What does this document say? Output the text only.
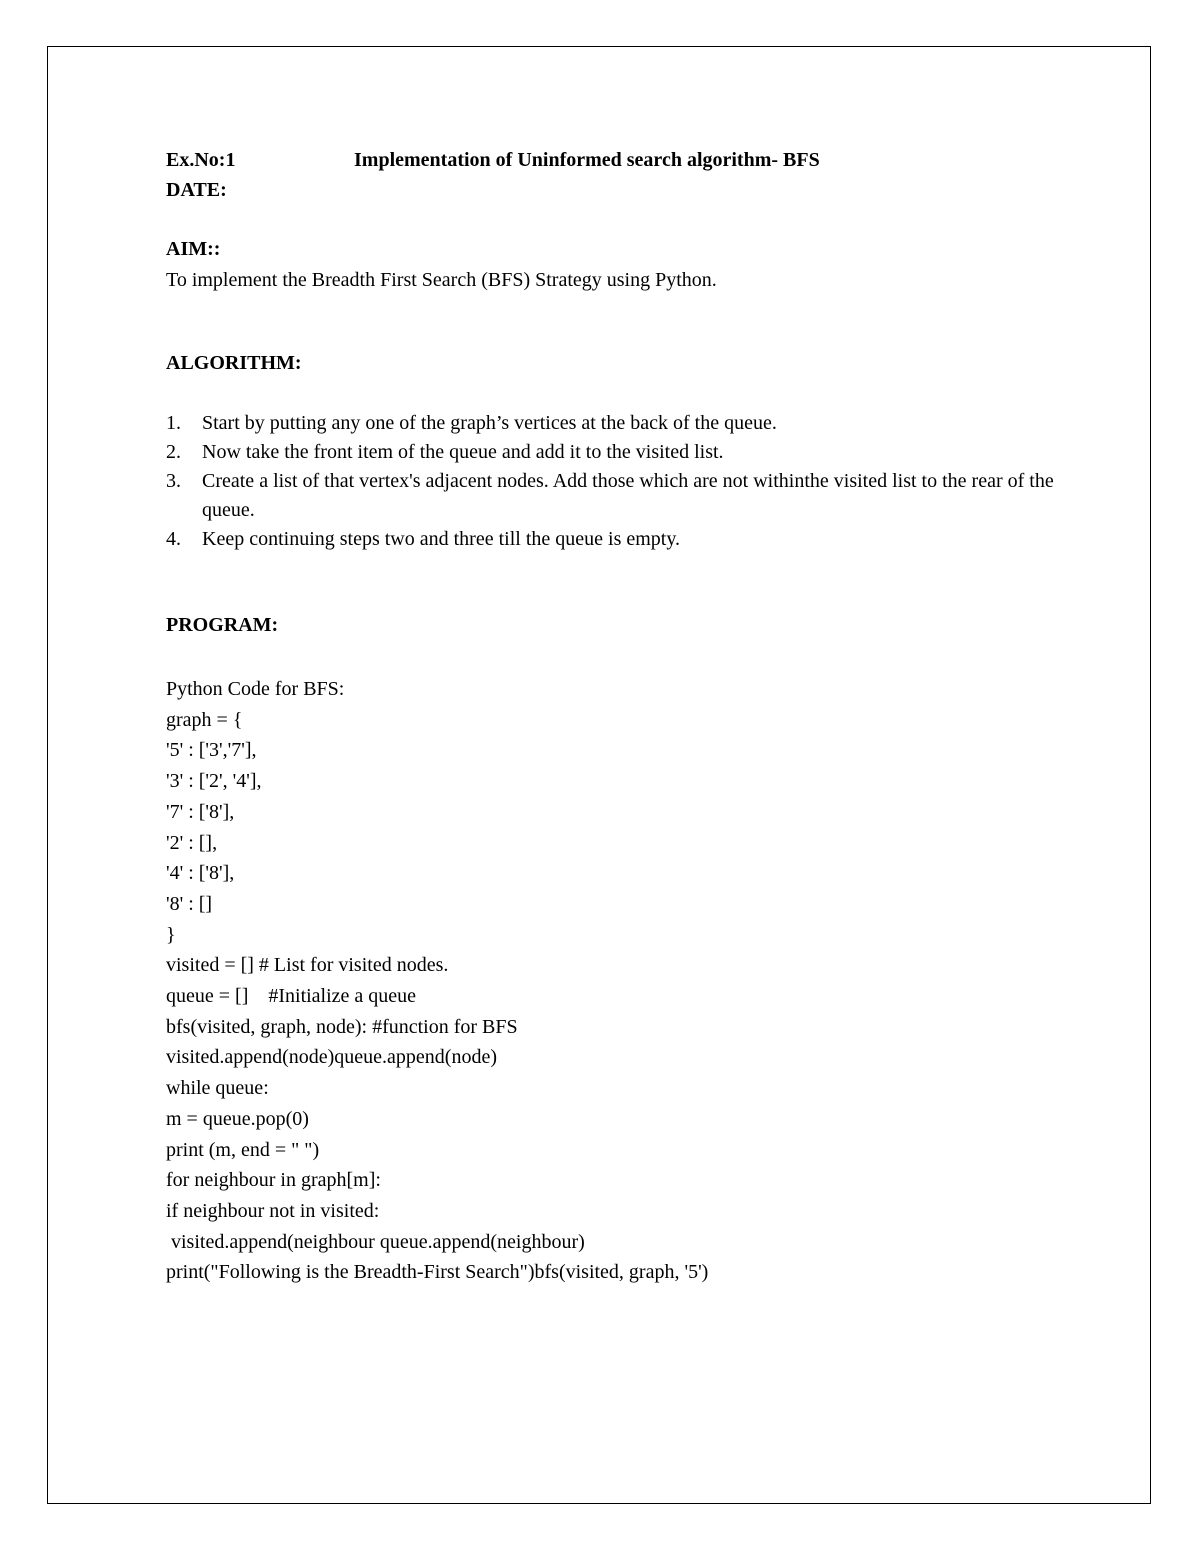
Ex.No:1	Implementation of Uninformed search algorithm- BFS
DATE:
AIM::
To implement the Breadth First Search (BFS) Strategy using Python.
ALGORITHM:
1.	Start by putting any one of the graph’s vertices at the back of the queue.
2.	Now take the front item of the queue and add it to the visited list.
3.	Create a list of that vertex's adjacent nodes. Add those which are not withinthe visited list to the rear of the queue.
4.	Keep continuing steps two and three till the queue is empty.
PROGRAM:
Python Code for BFS:
graph = {
'5' : ['3','7'],
'3' : ['2', '4'],
'7' : ['8'],
'2' : [],
'4' : ['8'],
'8' : []
}
visited = [] # List for visited nodes.
queue = []    #Initialize a queue
bfs(visited, graph, node): #function for BFS
visited.append(node)queue.append(node)
while queue:
m = queue.pop(0)
print (m, end = " ")
for neighbour in graph[m]:
if neighbour not in visited:
visited.append(neighbour queue.append(neighbour)
print("Following is the Breadth-First Search")bfs(visited, graph, '5')
